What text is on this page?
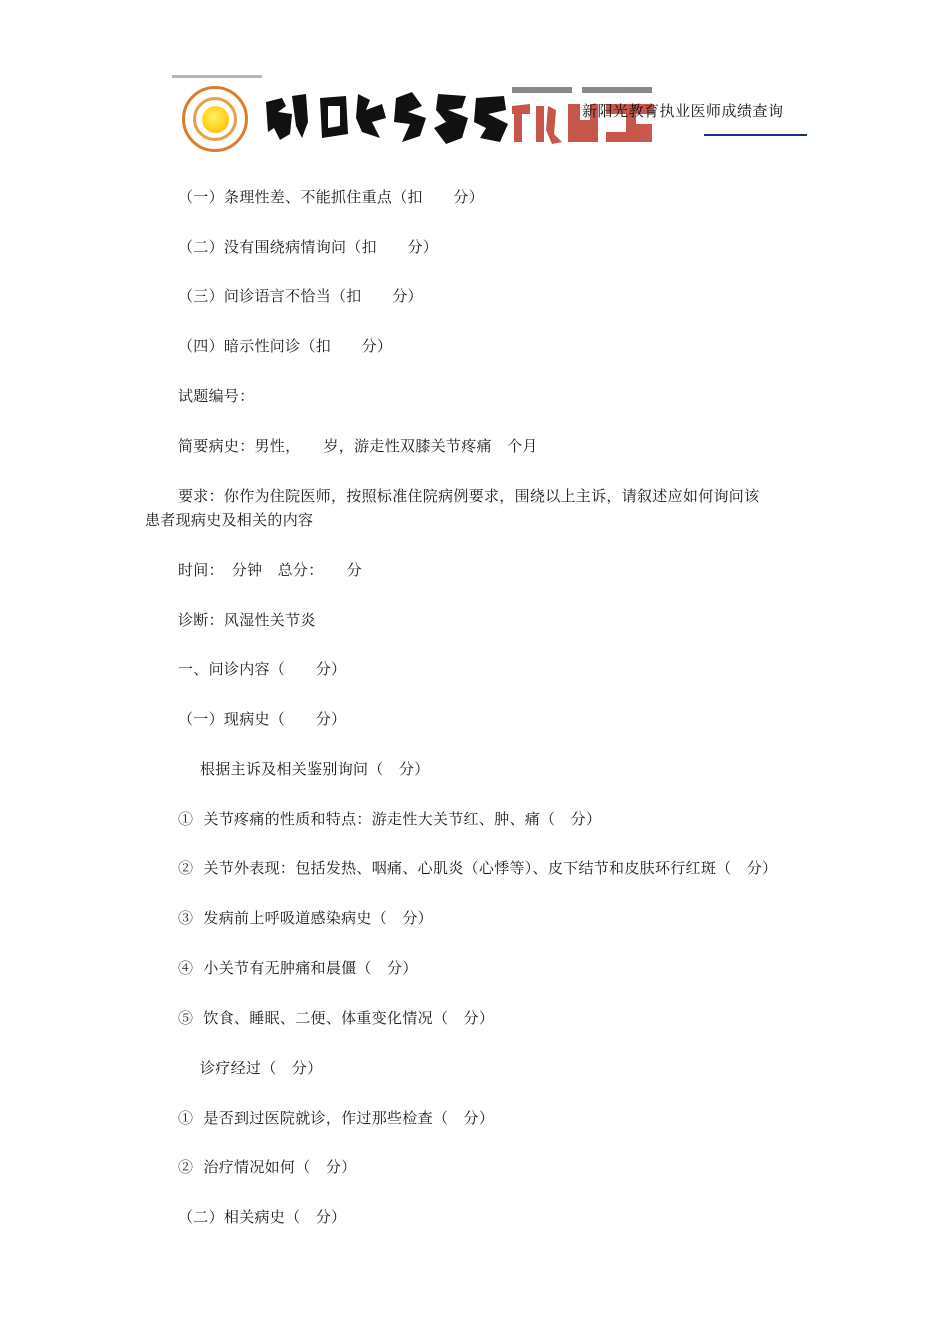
新阳光教育执业医师成绩查询
（一）条理性差、不能抓住重点（扣　　分）
（二）没有围绕病情询问（扣　　分）
（三）问诊语言不恰当（扣　　分）
（四）暗示性问诊（扣　　分）
试题编号：
简要病史：男性，　　岁，游走性双膝关节疼痛　个月
要求：你作为住院医师，按照标准住院病例要求，围绕以上主诉，请叙述应如何询问该
患者现病史及相关的内容
时间：　分钟　总分：　　分
诊断：风湿性关节炎
一、问诊内容（　　分）
（一）现病史（　　分）
根据主诉及相关鉴别询问（　分）
①  关节疼痛的性质和特点：游走性大关节红、肿、痛（　分）
②  关节外表现：包括发热、咽痛、心肌炎（心悸等）、皮下结节和皮肤环行红斑（　分）
③  发病前上呼吸道感染病史（　分）
④  小关节有无肿痛和晨僵（　分）
⑤  饮食、睡眠、二便、体重变化情况（　分）
诊疗经过（　分）
①  是否到过医院就诊，作过那些检查（　分）
②  治疗情况如何（　分）
（二）相关病史（　分）
